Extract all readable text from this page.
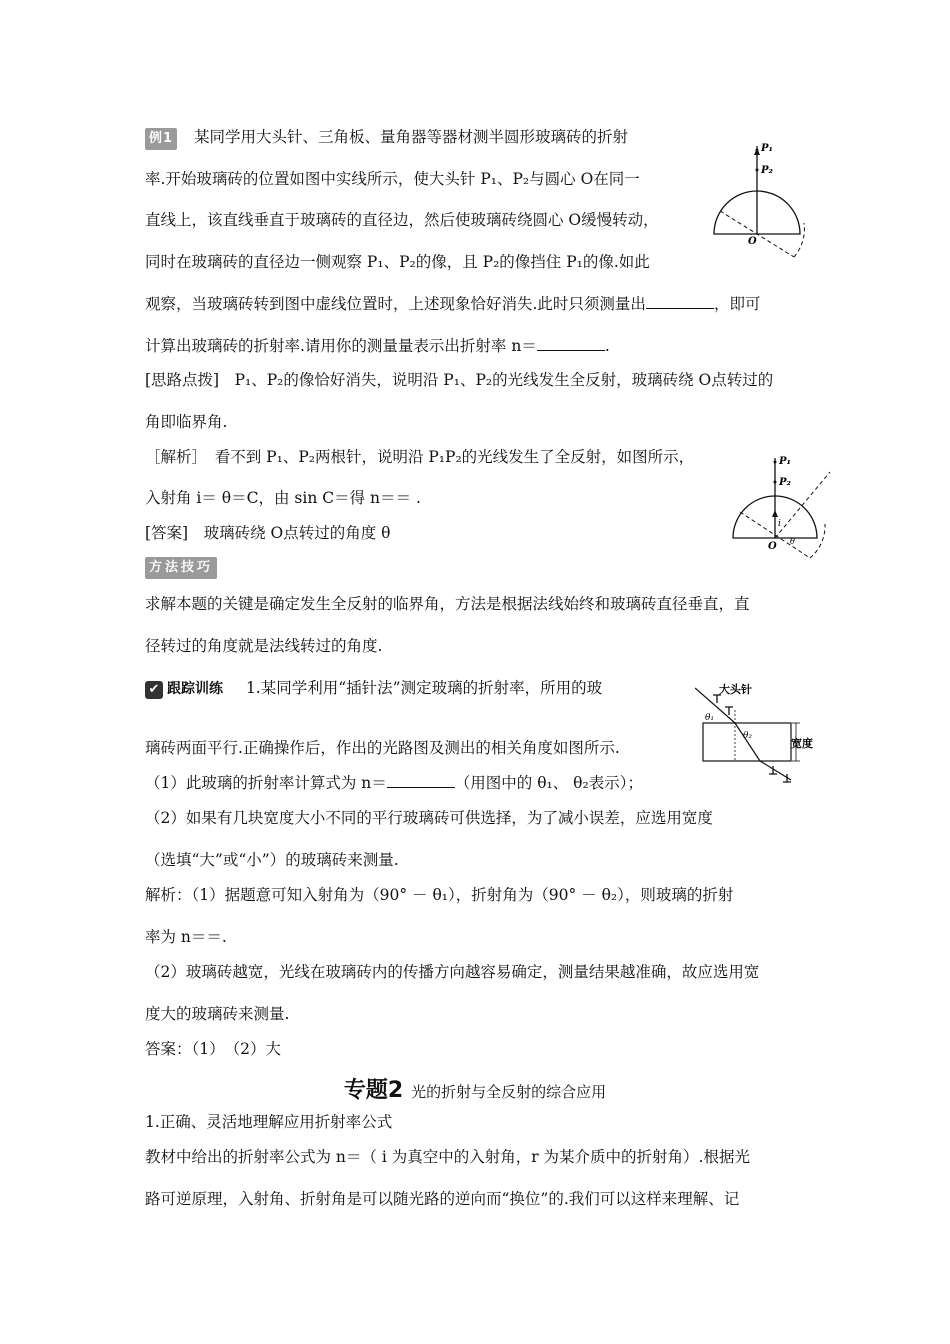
例1 某同学用大头针、三角板、量角器等器材测半圆形玻璃砖的折射
率.开始玻璃砖的位置如图中实线所示，使大头针 P₁、P₂与圆心 O在同一
直线上，该直线垂直于玻璃砖的直径边，然后使玻璃砖绕圆心 O缓慢转动，
同时在玻璃砖的直径边一侧观察 P₁、P₂的像，且 P₂的像挡住 P₁的像.如此
观察，当玻璃砖转到图中虚线位置时，上述现象恰好消失.此时只须测量出	，即可
计算出玻璃砖的折射率.请用你的测量量表示出折射率 n＝	.
P₁
P₂
O
[思路点拨]　P₁、P₂的像恰好消失，说明沿 P₁、P₂的光线发生全反射，玻璃砖绕 O点转过的
角即临界角.
［解析］　看不到 P₁、P₂两根针，说明沿 P₁P₂的光线发生了全反射，如图所示，
入射角 i＝ θ＝C，由 sin C＝得 n＝＝ .
[答案]　玻璃砖绕 O点转过的角度 θ
P₁
P₂
i
O θ
方法技巧
求解本题的关键是确定发生全反射的临界角，方法是根据法线始终和玻璃砖直径垂直，直
径转过的角度就是法线转过的角度.
✔ 跟踪训练 1.某同学利用“插针法”测定玻璃的折射率，所用的玻
璃砖两面平行.正确操作后，作出的光路图及测出的相关角度如图所示.
（1）此玻璃的折射率计算式为 n＝	（用图中的 θ₁、 θ₂表示）；
（2）如果有几块宽度大小不同的平行玻璃砖可供选择，为了减小误差，应选用宽度
（选填“大”或“小”）的玻璃砖来测量.
解析：（1）据题意可知入射角为（90° － θ₁），折射角为（90° － θ₂），则玻璃的折射
率为 n＝＝.
（2）玻璃砖越宽，光线在玻璃砖内的传播方向越容易确定，测量结果越准确，故应选用宽
度大的玻璃砖来测量.
答案：（1）　（2）大
大头针
θ₁
θ₂
宽度
专题2 光的折射与全反射的综合应用
1.正确、灵活地理解应用折射率公式
教材中给出的折射率公式为 n＝（ i 为真空中的入射角，r 为某介质中的折射角）.根据光
路可逆原理，入射角、折射角是可以随光路的逆向而“换位”的.我们可以这样来理解、记
